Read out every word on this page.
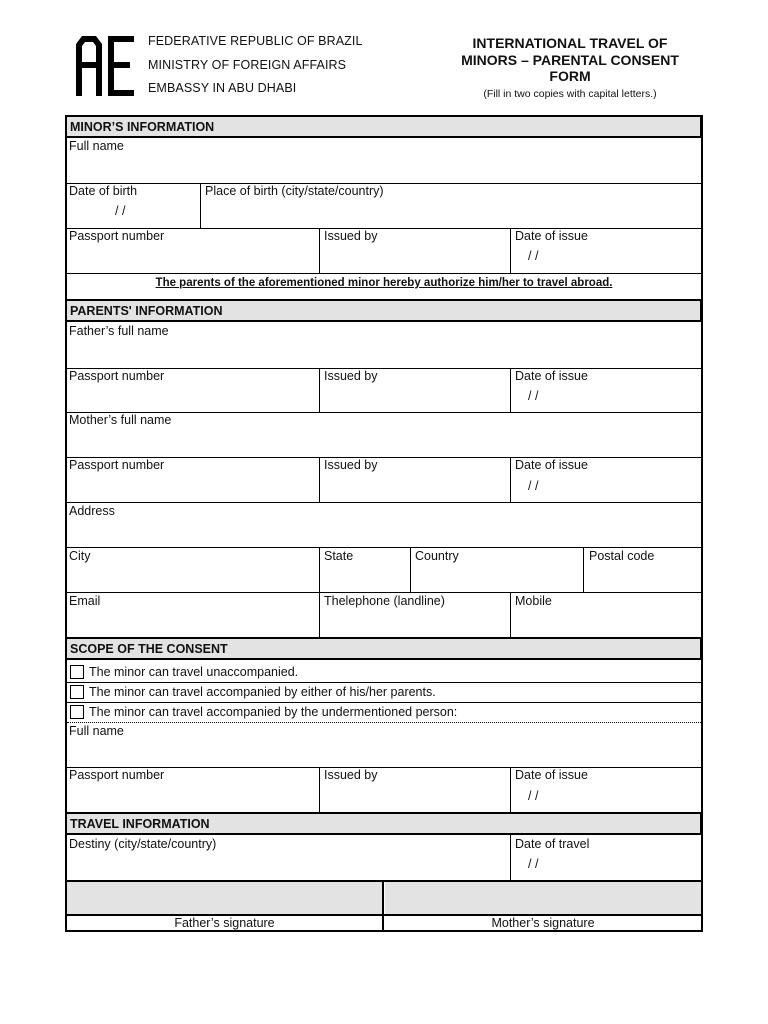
FEDERATIVE REPUBLIC OF BRAZIL
MINISTRY OF FOREIGN AFFAIRS
EMBASSY IN ABU DHABI
INTERNATIONAL TRAVEL OF
MINORS – PARENTAL CONSENT
FORM
(Fill in two copies with capital letters.)
MINOR’S INFORMATION
Full name
Date of birth
/ /
Place of birth (city/state/country)
Passport number	Issued by	Date of issue
/ /
The parents of the aforementioned minor hereby authorize him/her to travel abroad.
PARENTS' INFORMATION
Father’s full name
Passport number	Issued by	Date of issue
/ /
Mother’s full name
Passport number	Issued by	Date of issue
/ /
Address
City	State	Country	Postal code
Email	Thelephone (landline)	Mobile
SCOPE OF THE CONSENT
The minor can travel unaccompanied.
The minor can travel accompanied by either of his/her parents.
The minor can travel accompanied by the undermentioned person:
Full name
Passport number	Issued by	Date of issue
/ /
TRAVEL INFORMATION
Destiny (city/state/country)	Date of travel
/ /
Father’s signature	Mother’s signature
